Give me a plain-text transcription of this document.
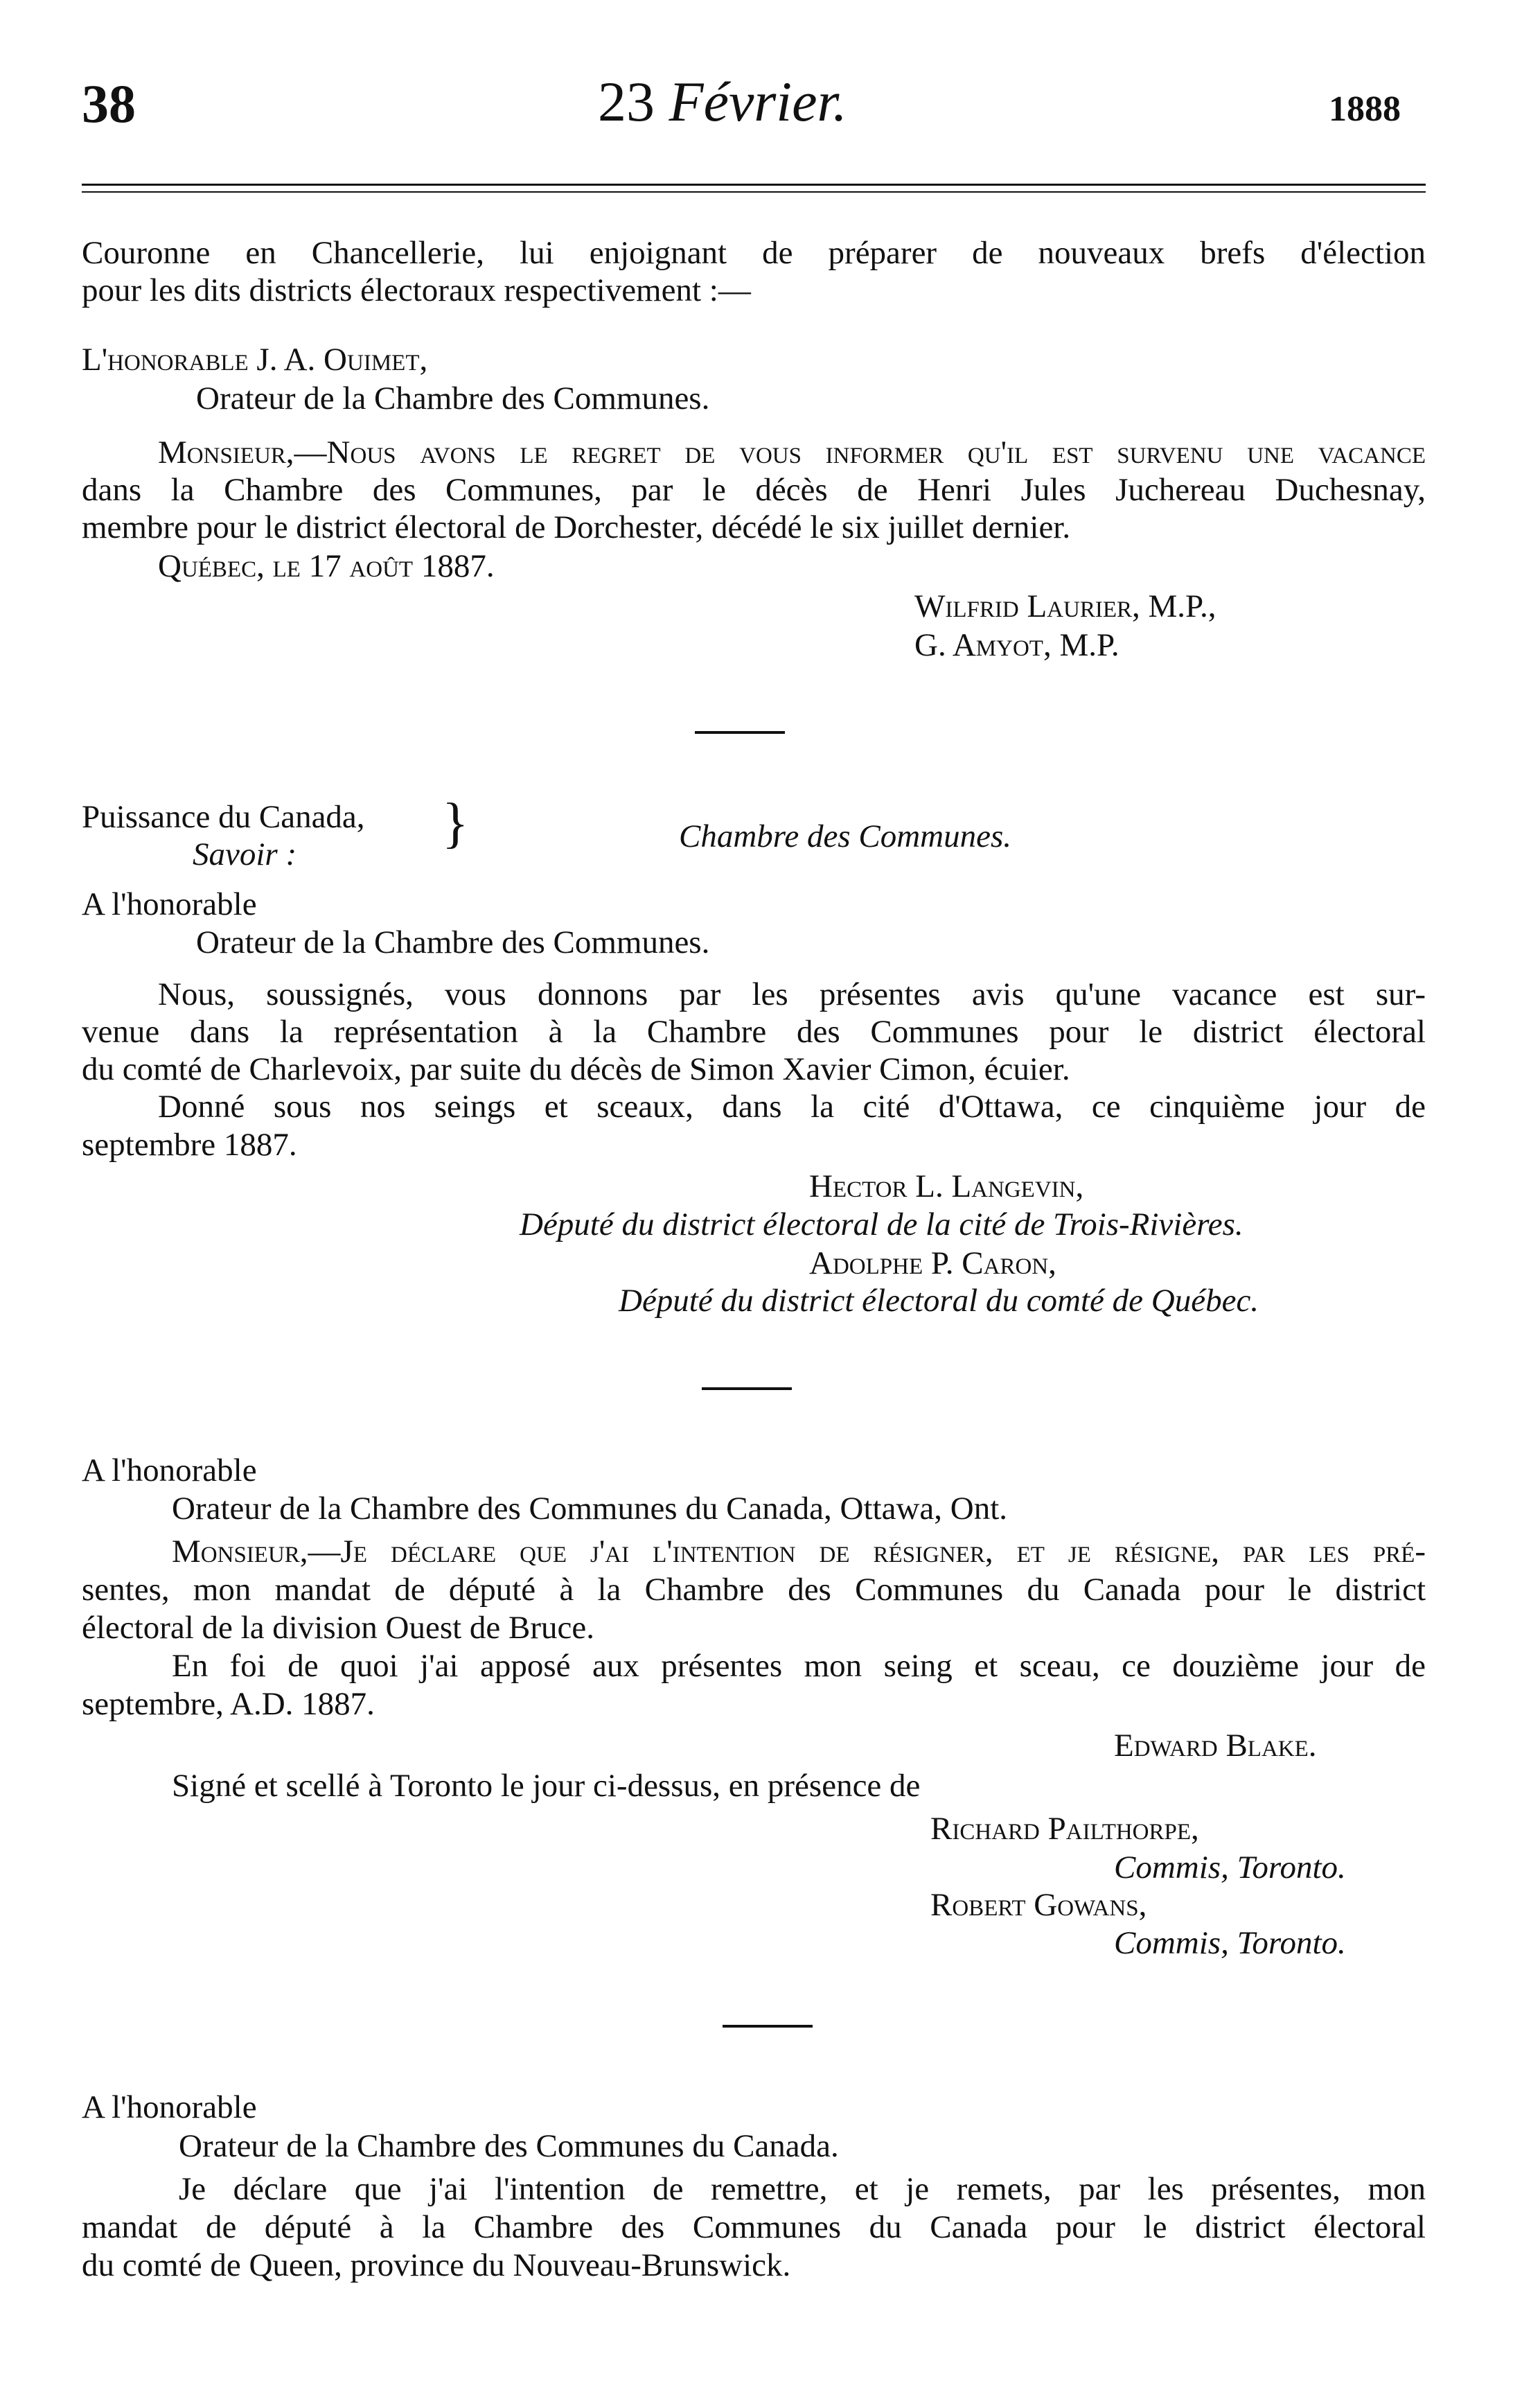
38	23 Février.	1888
Couronne en Chancellerie, lui enjoignant de préparer de nouveaux brefs d'élection
pour les dits districts électoraux respectivement :—
L'honorable J. A. Ouimet,
Orateur de la Chambre des Communes.
Monsieur,—Nous avons le regret de vous informer qu'il est survenu une vacance
dans la Chambre des Communes, par le décès de Henri Jules Juchereau Duchesnay,
membre pour le district électoral de Dorchester, décédé le six juillet dernier.
Québec, le 17 août 1887.
Wilfrid Laurier, M.P.,
G. Amyot, M.P.
Puissance du Canada,
Savoir :
}	Chambre des Communes.
A l'honorable
Orateur de la Chambre des Communes.
Nous, soussignés, vous donnons par les présentes avis qu'une vacance est sur-
venue dans la représentation à la Chambre des Communes pour le district électoral
du comté de Charlevoix, par suite du décès de Simon Xavier Cimon, écuier.
Donné sous nos seings et sceaux, dans la cité d'Ottawa, ce cinquième jour de
septembre 1887.
Hector L. Langevin,
Député du district électoral de la cité de Trois-Rivières.
Adolphe P. Caron,
Député du district électoral du comté de Québec.
A l'honorable
Orateur de la Chambre des Communes du Canada, Ottawa, Ont.
Monsieur,—Je déclare que j'ai l'intention de résigner, et je résigne, par les pré-
sentes, mon mandat de député à la Chambre des Communes du Canada pour le district
électoral de la division Ouest de Bruce.
En foi de quoi j'ai apposé aux présentes mon seing et sceau, ce douzième jour de
septembre, A.D. 1887.
Edward Blake.
Signé et scellé à Toronto le jour ci-dessus, en présence de
Richard Pailthorpe,
Commis, Toronto.
Robert Gowans,
Commis, Toronto.
A l'honorable
Orateur de la Chambre des Communes du Canada.
Je déclare que j'ai l'intention de remettre, et je remets, par les présentes, mon
mandat de député à la Chambre des Communes du Canada pour le district électoral
du comté de Queen, province du Nouveau-Brunswick.
